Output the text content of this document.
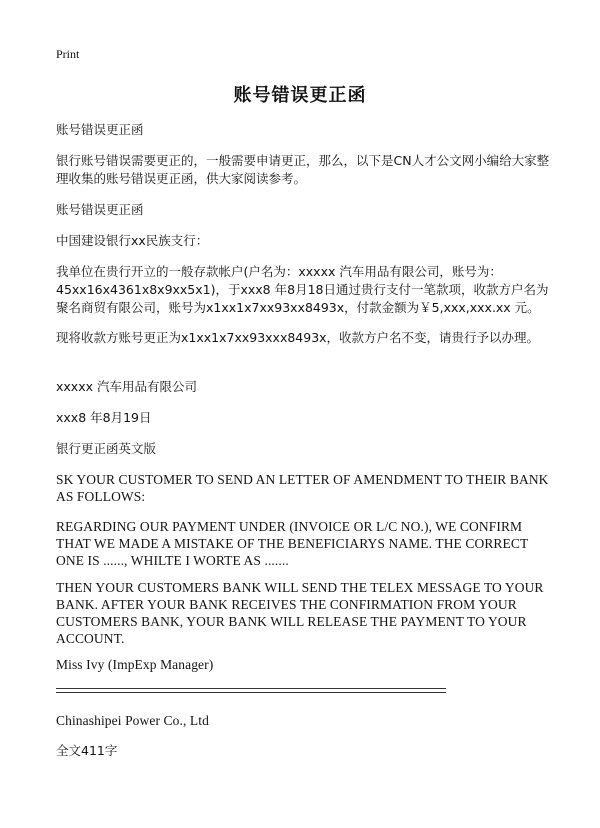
Print
账号错误更正函
账号错误更正函
银行账号错误需要更正的，一般需要申请更正，那么，以下是CN人才公文网小编给大家整理收集的账号错误更正函，供大家阅读参考。
账号错误更正函
中国建设银行xx民族支行：
我单位在贵行开立的一般存款帐户(户名为：xxxxx 汽车用品有限公司，账号为：45xx16x4361x8x9xx5x1)，于xxx8 年8月18日通过贵行支付一笔款项，收款方户名为聚名商贸有限公司，账号为x1xx1x7xx93xx8493x，付款金额为￥5,xxx,xxx.xx 元。
现将收款方账号更正为x1xx1x7xx93xxx8493x，收款方户名不变，请贵行予以办理。
xxxxx 汽车用品有限公司
xxx8 年8月19日
银行更正函英文版
SK YOUR CUSTOMER TO SEND AN LETTER OF AMENDMENT TO THEIR BANK AS FOLLOWS:
REGARDING OUR PAYMENT UNDER (INVOICE OR L/C NO.), WE CONFIRM THAT WE MADE A MISTAKE OF THE BENEFICIARYS NAME. THE CORRECT ONE IS ......, WHILTE I WORTE AS .......
THEN YOUR CUSTOMERS BANK WILL SEND THE TELEX MESSAGE TO YOUR BANK. AFTER YOUR BANK RECEIVES THE CONFIRMATION FROM YOUR CUSTOMERS BANK, YOUR BANK WILL RELEASE THE PAYMENT TO YOUR ACCOUNT.
Miss Ivy (ImpExp Manager)
Chinashipei Power Co., Ltd
全文411字
